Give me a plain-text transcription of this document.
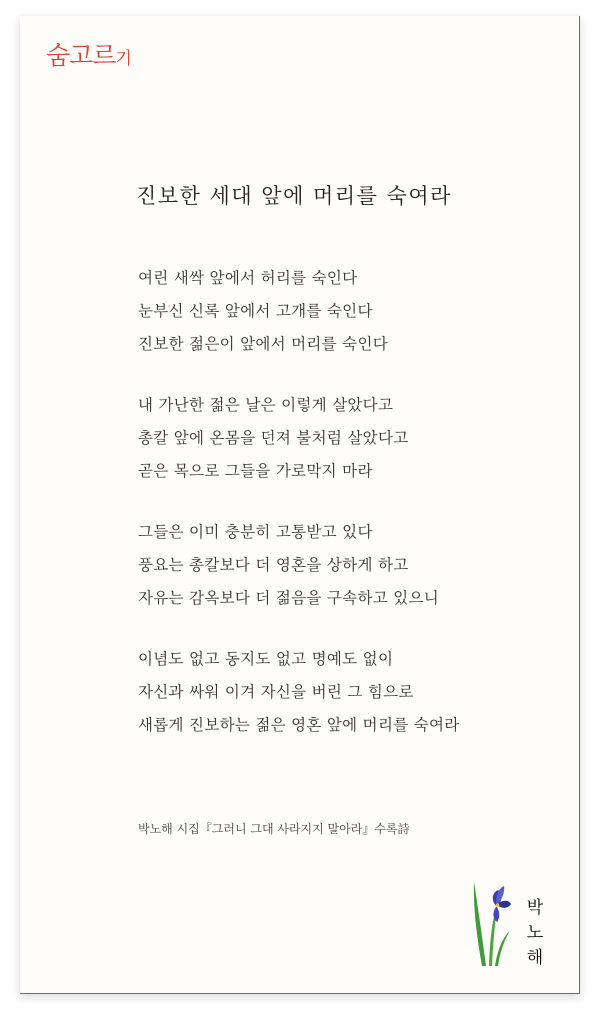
숨고르기
진보한 세대 앞에 머리를 숙여라
여린 새싹 앞에서 허리를 숙인다
눈부신 신록 앞에서 고개를 숙인다
진보한 젊은이 앞에서 머리를 숙인다
내 가난한 젊은 날은 이렇게 살았다고
총칼 앞에 온몸을 던져 불처럼 살았다고
곧은 목으로 그들을 가로막지 마라
그들은 이미 충분히 고통받고 있다
풍요는 총칼보다 더 영혼을 상하게 하고
자유는 감옥보다 더 젊음을 구속하고 있으니
이념도 없고 동지도 없고 명예도 없이
자신과 싸워 이겨 자신을 버린 그 힘으로
새롭게 진보하는 젊은 영혼 앞에 머리를 숙여라
박노해 시집『그러니 그대 사라지지 말아라』수록詩
박
노
해
